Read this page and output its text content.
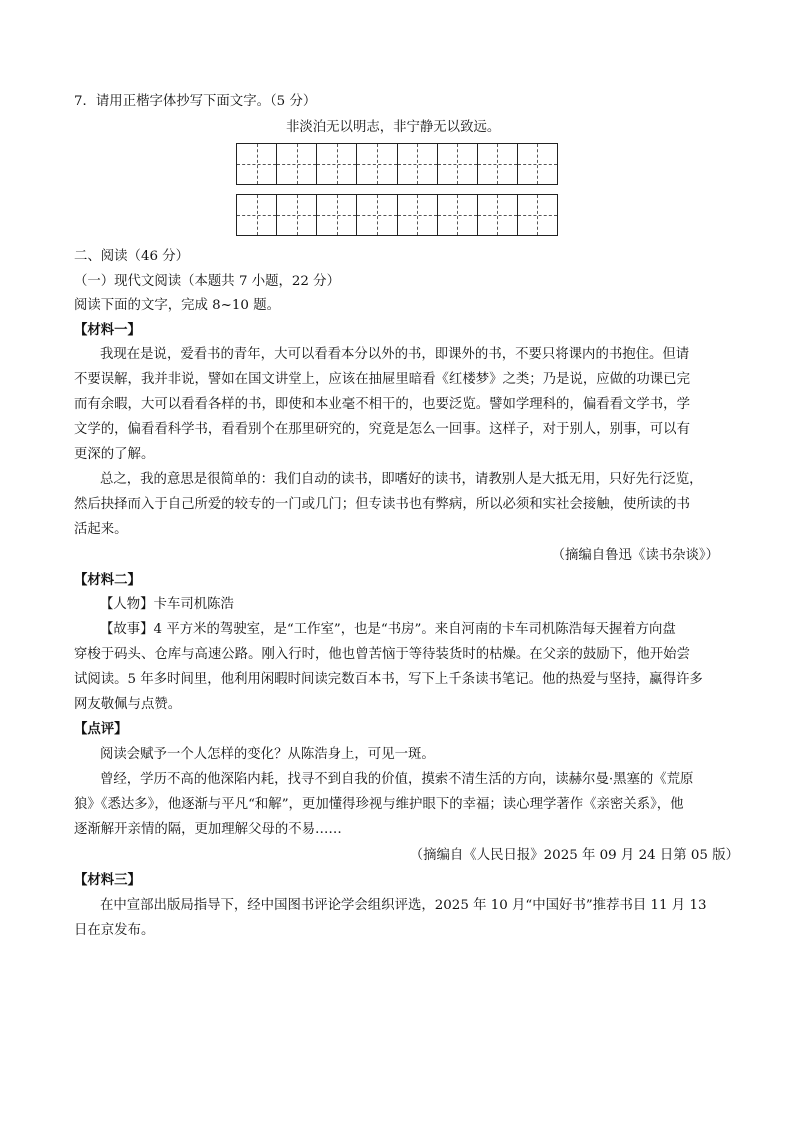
7．请用正楷字体抄写下面文字。（5 分）
非淡泊无以明志，非宁静无以致远。
二、阅读（46 分）
（一）现代文阅读（本题共 7 小题，22 分）
阅读下面的文字，完成 8~10 题。
【材料一】
我现在是说，爱看书的青年，大可以看看本分以外的书，即课外的书，不要只将课内的书抱住。但请
不要误解，我并非说，譬如在国文讲堂上，应该在抽屉里暗看《红楼梦》之类；乃是说，应做的功课已完
而有余暇，大可以看看各样的书，即使和本业毫不相干的，也要泛览。譬如学理科的，偏看看文学书，学
文学的，偏看看科学书，看看别个在那里研究的，究竟是怎么一回事。这样子，对于别人，别事，可以有
更深的了解。
总之，我的意思是很简单的：我们自动的读书，即嗜好的读书，请教别人是大抵无用，只好先行泛览，
然后抉择而入于自己所爱的较专的一门或几门；但专读书也有弊病，所以必须和实社会接触，使所读的书
活起来。
（摘编自鲁迅《读书杂谈》）
【材料二】
【人物】卡车司机陈浩
【故事】4 平方米的驾驶室，是“工作室”，也是“书房”。来自河南的卡车司机陈浩每天握着方向盘
穿梭于码头、仓库与高速公路。刚入行时，他也曾苦恼于等待装货时的枯燥。在父亲的鼓励下，他开始尝
试阅读。5 年多时间里，他利用闲暇时间读完数百本书，写下上千条读书笔记。他的热爱与坚持，赢得许多
网友敬佩与点赞。
【点评】
阅读会赋予一个人怎样的变化？从陈浩身上，可见一斑。
曾经，学历不高的他深陷内耗，找寻不到自我的价值，摸索不清生活的方向，读赫尔曼·黑塞的《荒原
狼》《悉达多》，他逐渐与平凡“和解”，更加懂得珍视与维护眼下的幸福；读心理学著作《亲密关系》，他
逐渐解开亲情的隔，更加理解父母的不易……
（摘编自《人民日报》2025 年 09 月 24 日第 05 版）
【材料三】
在中宣部出版局指导下，经中国图书评论学会组织评选，2025 年 10 月“中国好书”推荐书目 11 月 13
日在京发布。
